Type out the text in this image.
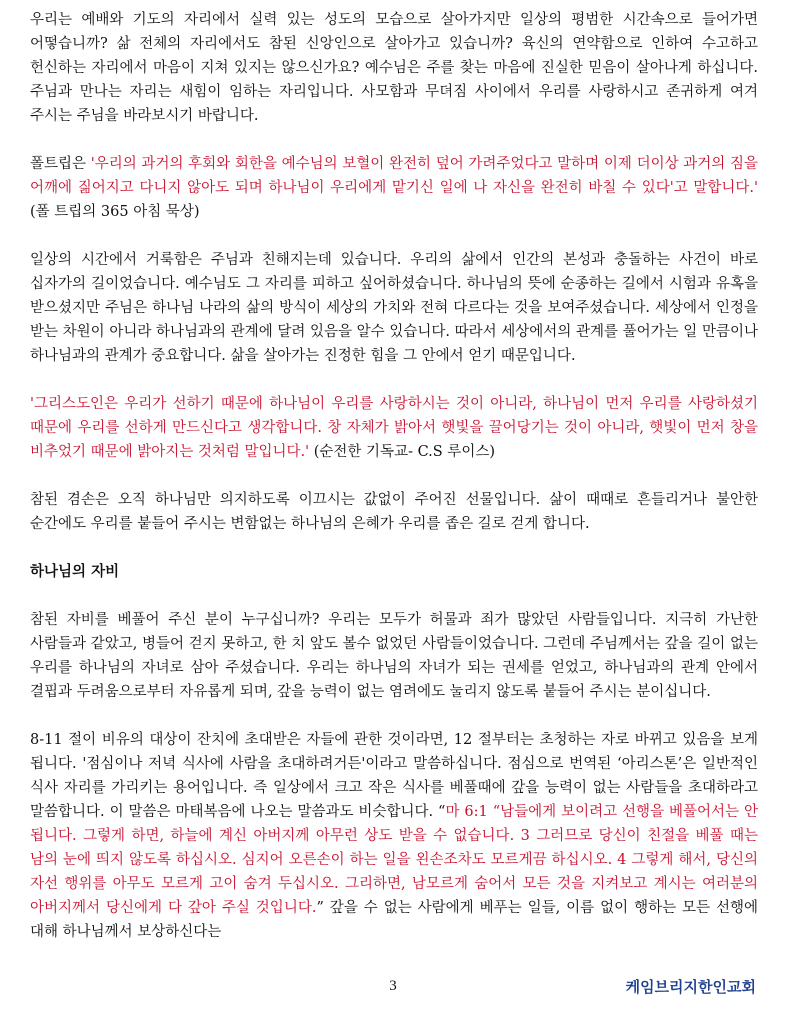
우리는 예배와 기도의 자리에서 실력 있는 성도의 모습으로 살아가지만 일상의 평범한 시간속으로 들어가면 어떻습니까? 삶 전체의 자리에서도 참된 신앙인으로 살아가고 있습니까? 육신의 연약함으로 인하여 수고하고 헌신하는 자리에서 마음이 지쳐 있지는 않으신가요? 예수님은 주를 찾는 마음에 진실한 믿음이 살아나게 하십니다. 주님과 만나는 자리는 새힘이 임하는 자리입니다. 사모함과 무뎌짐 사이에서 우리를 사랑하시고 존귀하게 여겨 주시는 주님을 바라보시기 바랍니다.

폴트립은 '우리의 과거의 후회와 회한을 예수님의 보혈이 완전히 덮어 가려주었다고 말하며 이제 더이상 과거의 짐을 어깨에 짊어지고 다니지 않아도 되며 하나님이 우리에게 맡기신 일에 나 자신을 완전히 바칠 수 있다'고 말합니다.' (폴 트립의 365 아침 묵상)

일상의 시간에서 거룩함은 주님과 친해지는데 있습니다. 우리의 삶에서 인간의 본성과 충돌하는 사건이 바로 십자가의 길이었습니다. 예수님도 그 자리를 피하고 싶어하셨습니다. 하나님의 뜻에 순종하는 길에서 시험과 유혹을 받으셨지만 주님은 하나님 나라의 삶의 방식이 세상의 가치와 전혀 다르다는 것을 보여주셨습니다. 세상에서 인정을 받는 차원이 아니라 하나님과의 관계에 달려 있음을 알수 있습니다. 따라서 세상에서의 관계를 풀어가는 일 만큼이나 하나님과의 관계가 중요합니다. 삶을 살아가는 진정한 힘을 그 안에서 얻기 때문입니다.

'그리스도인은 우리가 선하기 때문에 하나님이 우리를 사랑하시는 것이 아니라, 하나님이 먼저 우리를 사랑하셨기 때문에 우리를 선하게 만드신다고 생각합니다. 창 자체가 밝아서 햇빛을 끌어당기는 것이 아니라, 햇빛이 먼저 창을 비추었기 때문에 밝아지는 것처럼 말입니다.' (순전한 기독교- C.S 루이스)

참된 겸손은 오직 하나님만 의지하도록 이끄시는 값없이 주어진 선물입니다. 삶이 때때로 흔들리거나 불안한 순간에도 우리를 붙들어 주시는 변함없는 하나님의 은혜가 우리를 좁은 길로 걷게 합니다.

하나님의 자비

참된 자비를 베풀어 주신 분이 누구십니까? 우리는 모두가 허물과 죄가 많았던 사람들입니다. 지극히 가난한 사람들과 같았고, 병들어 걷지 못하고, 한 치 앞도 볼수 없었던 사람들이었습니다. 그런데 주님께서는 갚을 길이 없는 우리를 하나님의 자녀로 삼아 주셨습니다. 우리는 하나님의 자녀가 되는 권세를 얻었고, 하나님과의 관계 안에서 결핍과 두려움으로부터 자유롭게 되며, 갚을 능력이 없는 염려에도 눌리지 않도록 붙들어 주시는 분이십니다.

8-11 절이 비유의 대상이 잔치에 초대받은 자들에 관한 것이라면, 12 절부터는 초청하는 자로 바뀌고 있음을 보게 됩니다. '점심이나 저녁 식사에 사람을 초대하려거든'이라고 말씀하십니다. 점심으로 번역된 ‘아리스톤’은 일반적인 식사 자리를 가리키는 용어입니다. 즉 일상에서 크고 작은 식사를 베풀때에 갚을 능력이 없는 사람들을 초대하라고 말씀합니다. 이 말씀은 마태복음에 나오는 말씀과도 비슷합니다. “마 6:1 “남들에게 보이려고 선행을 베풀어서는 안 됩니다. 그렇게 하면, 하늘에 계신 아버지께 아무런 상도 받을 수 없습니다. 3 그러므로 당신이 친절을 베풀 때는 남의 눈에 띄지 않도록 하십시오. 심지어 오른손이 하는 일을 왼손조차도 모르게끔 하십시오. 4 그렇게 해서, 당신의 자선 행위를 아무도 모르게 고이 숨겨 두십시오. 그리하면, 남모르게 숨어서 모든 것을 지켜보고 계시는 여러분의 아버지께서 당신에게 다 갚아 주실 것입니다.” 갚을 수 없는 사람에게 베푸는 일들, 이름 없이 행하는 모든 선행에 대해 하나님께서 보상하신다는

3	케임브리지한인교회
